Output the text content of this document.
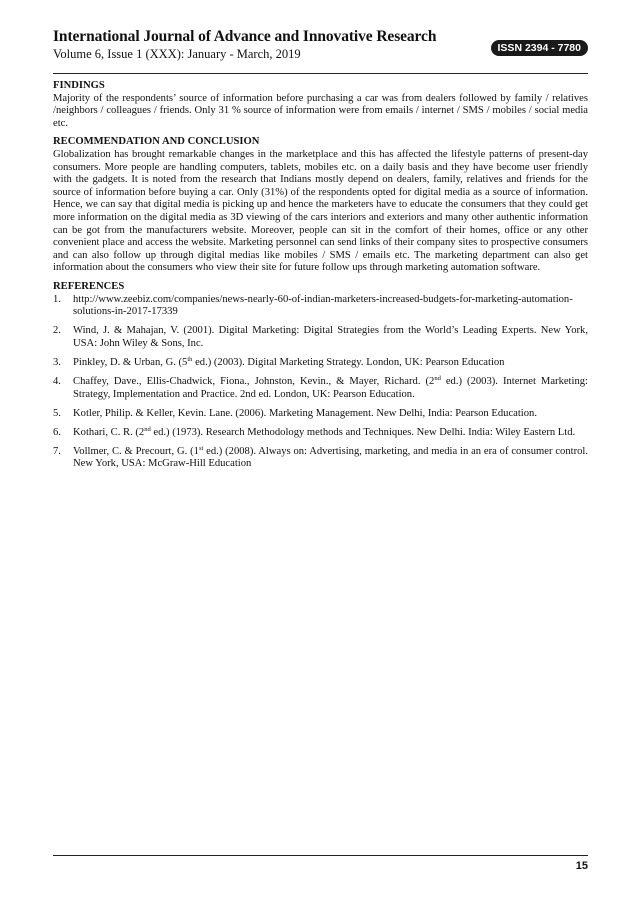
International Journal of Advance and Innovative Research
Volume 6, Issue 1 (XXX): January - March, 2019	ISSN 2394 - 7780

FINDINGS

Majority of the respondents’ source of information before purchasing a car was from dealers followed by family / relatives /neighbors / colleagues / friends. Only 31 % source of information were from emails / internet / SMS / mobiles / social media etc.

RECOMMENDATION AND CONCLUSION

Globalization has brought remarkable changes in the marketplace and this has affected the lifestyle patterns of present-day consumers. More people are handling computers, tablets, mobiles etc. on a daily basis and they have become user friendly with the gadgets. It is noted from the research that Indians mostly depend on dealers, family, relatives and friends for the source of information before buying a car. Only (31%) of the respondents opted for digital media as a source of information. Hence, we can say that digital media is picking up and hence the marketers have to educate the consumers that they could get more information on the digital media as 3D viewing of the cars interiors and exteriors and many other authentic information can be got from the manufacturers website. Moreover, people can sit in the comfort of their homes, office or any other convenient place and access the website. Marketing personnel can send links of their company sites to prospective consumers and can also follow up through digital medias like mobiles / SMS / emails etc. The marketing department can also get information about the consumers who view their site for future follow ups through marketing automation software.

REFERENCES

1. http://www.zeebiz.com/companies/news-nearly-60-of-indian-marketers-increased-budgets-for-marketing-automation-solutions-in-2017-17339
2. Wind, J. & Mahajan, V. (2001). Digital Marketing: Digital Strategies from the World’s Leading Experts. New York, USA: John Wiley & Sons, Inc.
3. Pinkley, D. & Urban, G. (5th ed.) (2003). Digital Marketing Strategy. London, UK: Pearson Education
4. Chaffey, Dave., Ellis-Chadwick, Fiona., Johnston, Kevin., & Mayer, Richard. (2nd ed.) (2003). Internet Marketing: Strategy, Implementation and Practice. 2nd ed. London, UK: Pearson Education.
5. Kotler, Philip. & Keller, Kevin. Lane. (2006). Marketing Management. New Delhi, India: Pearson Education.
6. Kothari, C. R. (2nd ed.) (1973). Research Methodology methods and Techniques. New Delhi. India: Wiley Eastern Ltd.
7. Vollmer, C. & Precourt, G. (1st ed.) (2008). Always on: Advertising, marketing, and media in an era of consumer control. New York, USA: McGraw-Hill Education
15
